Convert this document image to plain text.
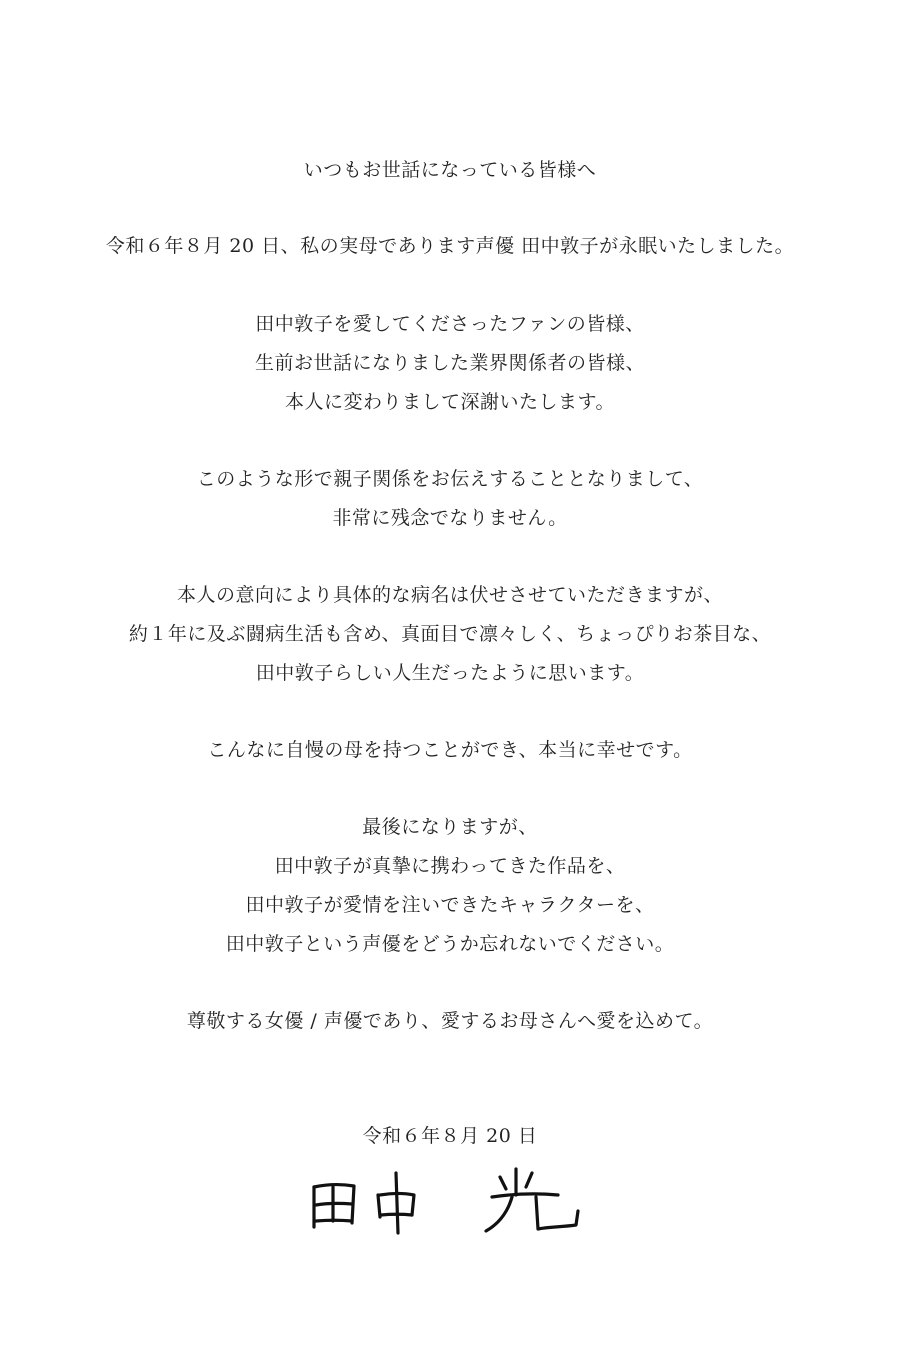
いつもお世話になっている皆様へ
令和６年８月 20 日、私の実母であります声優 田中敦子が永眠いたしました。
田中敦子を愛してくださったファンの皆様、
生前お世話になりました業界関係者の皆様、
本人に変わりまして深謝いたします。
このような形で親子関係をお伝えすることとなりまして、
非常に残念でなりません。
本人の意向により具体的な病名は伏せさせていただきますが、
約１年に及ぶ闘病生活も含め、真面目で凛々しく、ちょっぴりお茶目な、
田中敦子らしい人生だったように思います。
こんなに自慢の母を持つことができ、本当に幸せです。
最後になりますが、
田中敦子が真摯に携わってきた作品を、
田中敦子が愛情を注いできたキャラクターを、
田中敦子という声優をどうか忘れないでください。
尊敬する女優 / 声優であり、愛するお母さんへ愛を込めて。
令和６年８月 20 日
